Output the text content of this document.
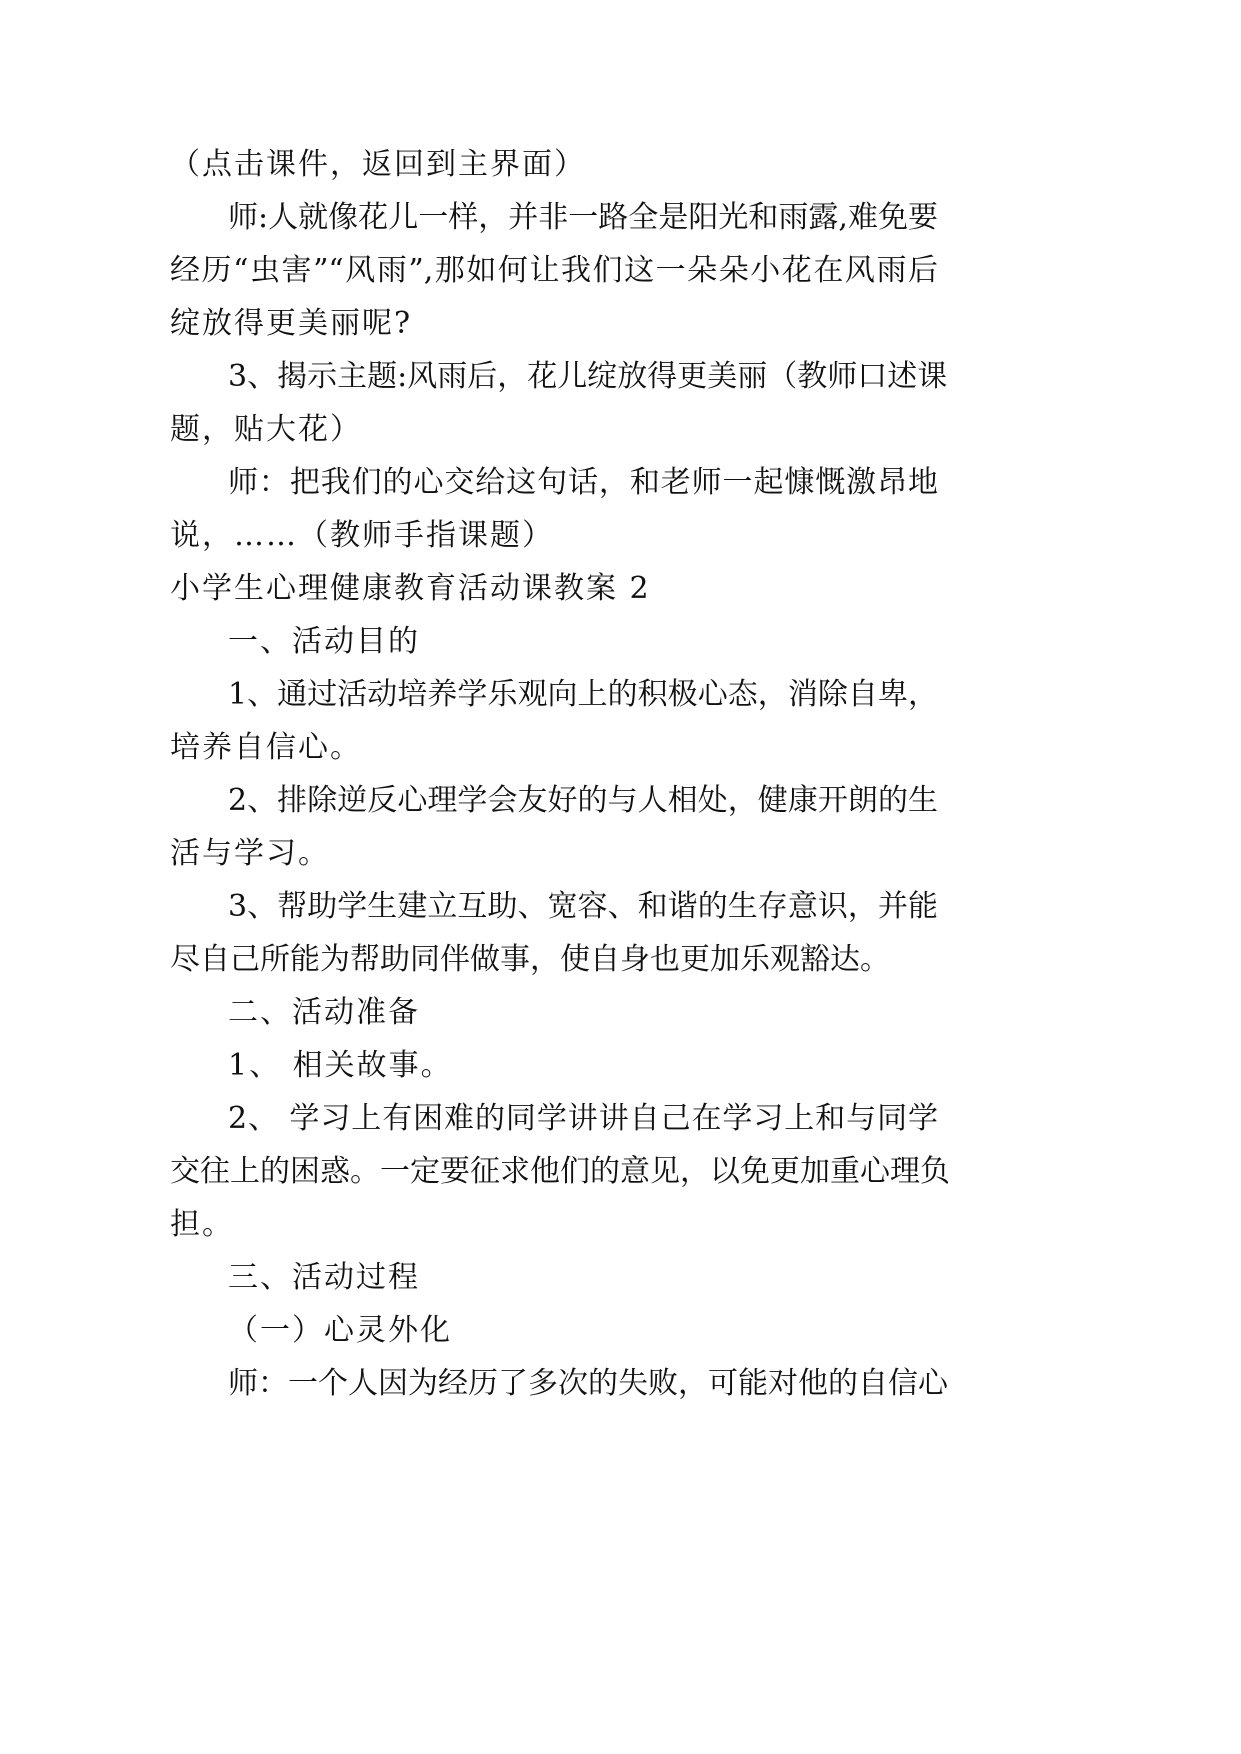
（点击课件，返回到主界面）
师:人就像花儿一样，并非一路全是阳光和雨露,难免要
经历“虫害”“风雨”,那如何让我们这一朵朵小花在风雨后
绽放得更美丽呢?
3、揭示主题:风雨后，花儿绽放得更美丽（教师口述课
题，贴大花）
师：把我们的心交给这句话，和老师一起慷慨激昂地
说，……（教师手指课题）
小学生心理健康教育活动课教案 2
一、活动目的
1、通过活动培养学乐观向上的积极心态，消除自卑，
培养自信心。
2、排除逆反心理学会友好的与人相处，健康开朗的生
活与学习。
3、帮助学生建立互助、宽容、和谐的生存意识，并能
尽自己所能为帮助同伴做事，使自身也更加乐观豁达。
二、活动准备
1、 相关故事。
2、 学习上有困难的同学讲讲自己在学习上和与同学
交往上的困惑。一定要征求他们的意见，以免更加重心理负
担。
三、活动过程
（一）心灵外化
师：一个人因为经历了多次的失败，可能对他的自信心
